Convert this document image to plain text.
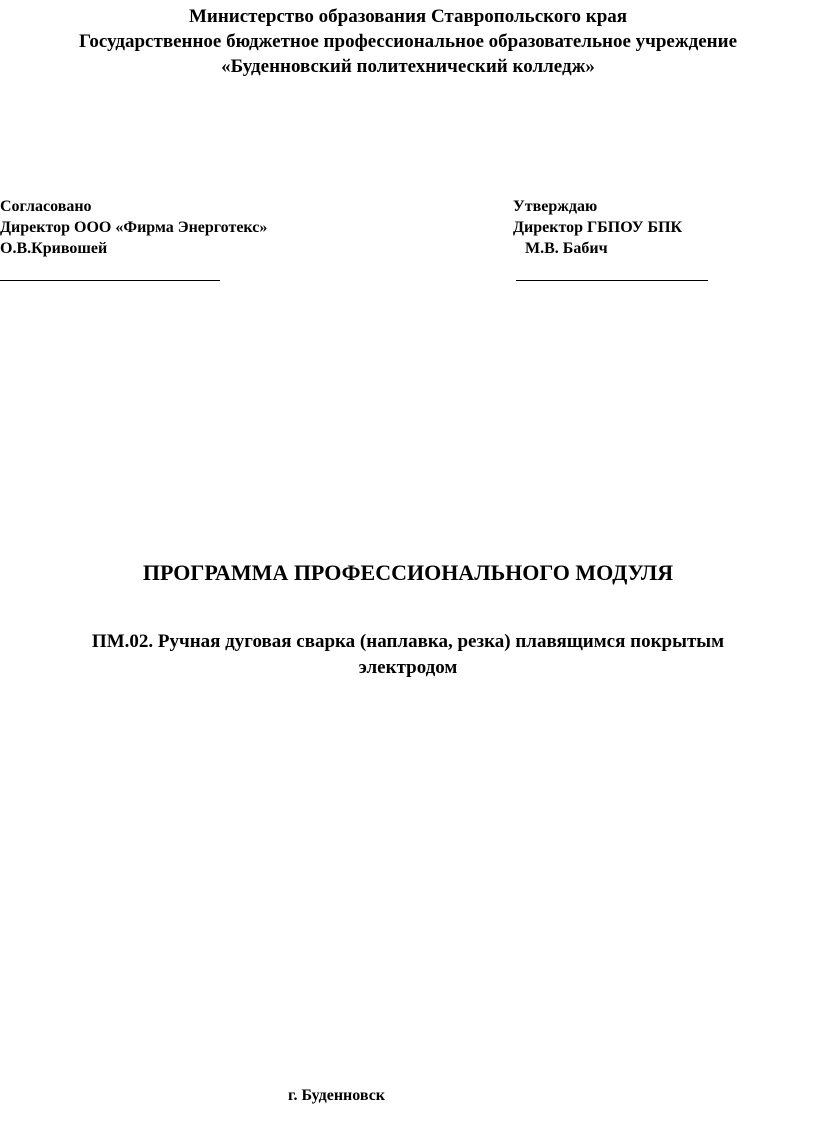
Министерство образования Ставропольского края
Государственное бюджетное профессиональное образовательное учреждение
«Буденновский политехнический колледж»
Согласовано
Директор ООО «Фирма Энерготекс»
О.В.Кривошей
Утверждаю
Директор ГБПОУ БПК
М.В. Бабич
ПРОГРАММА ПРОФЕССИОНАЛЬНОГО МОДУЛЯ
ПМ.02. Ручная дуговая сварка (наплавка, резка) плавящимся покрытым
электродом
г. Буденновск
